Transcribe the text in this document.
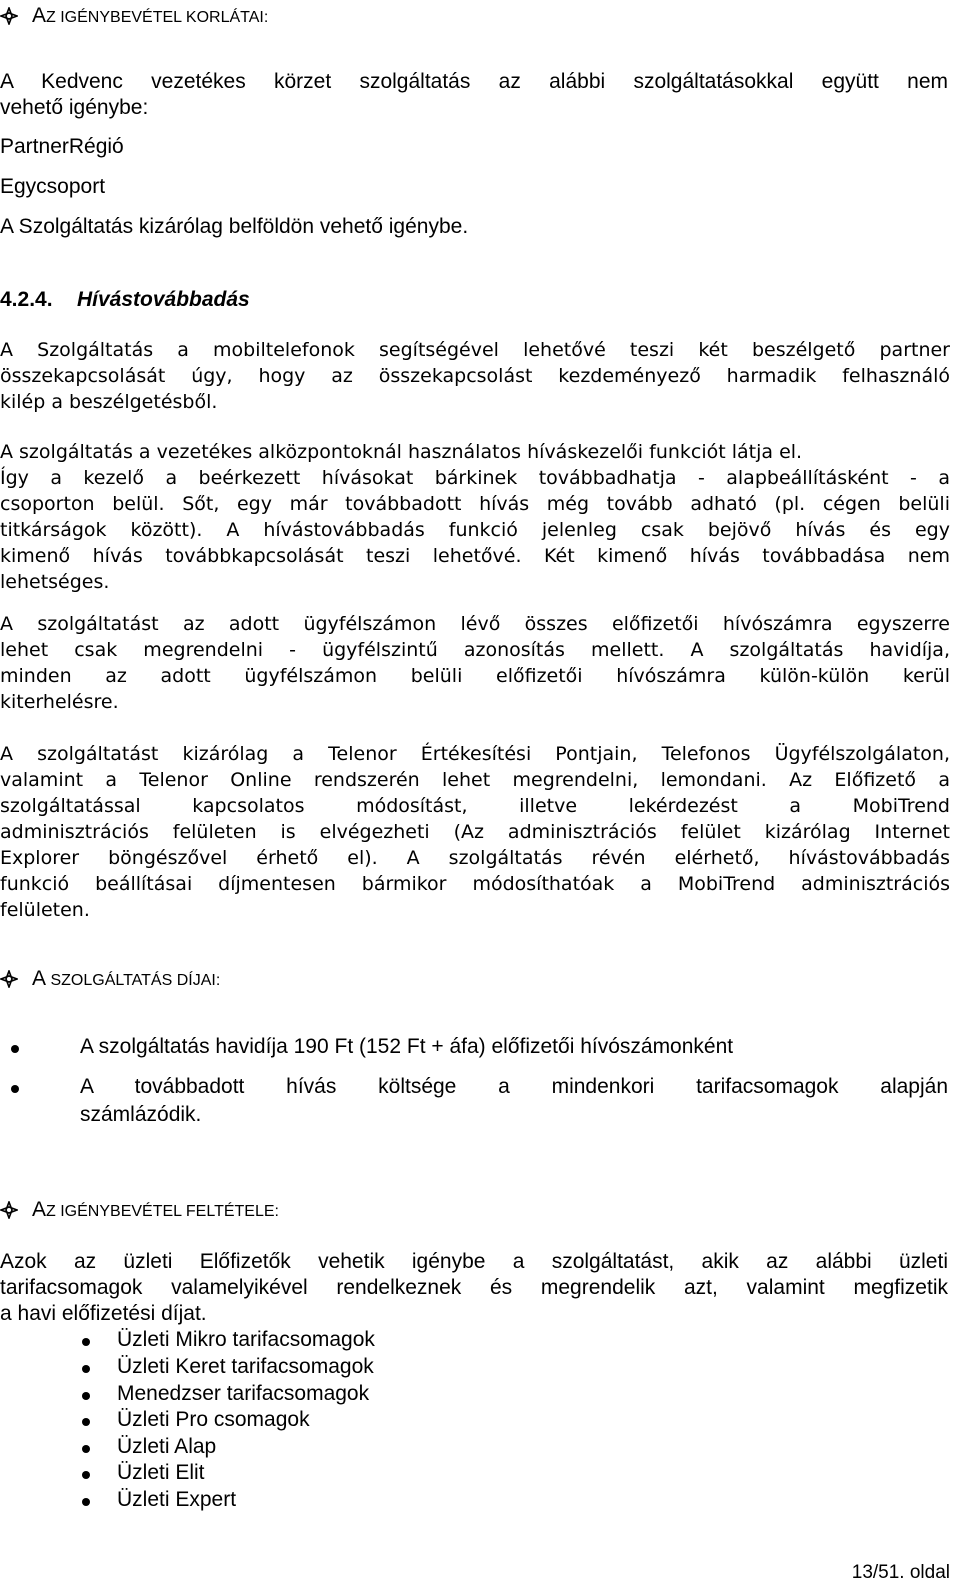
AZ IGÉNYBEVÉTEL KORLÁTAI:
A Kedvenc vezetékes körzet szolgáltatás az alábbi szolgáltatásokkal együtt nem
vehető igénybe:
PartnerRégió
Egycsoport
A Szolgáltatás kizárólag belföldön vehető igénybe.
4.2.4. Hívástovábbadás
A Szolgáltatás a mobiltelefonok segítségével lehetővé teszi két beszélgető partner
összekapcsolását úgy, hogy az összekapcsolást kezdeményező harmadik felhasználó
kilép a beszélgetésből.
A szolgáltatás a vezetékes alközpontoknál használatos híváskezelői funkciót látja el.
Így a kezelő a beérkezett hívásokat bárkinek továbbadhatja - alapbeállításként - a
csoporton belül. Sőt, egy már továbbadott hívás még tovább adható (pl. cégen belüli
titkárságok között). A hívástovábbadás funkció jelenleg csak bejövő hívás és egy
kimenő hívás továbbkapcsolását teszi lehetővé. Két kimenő hívás továbbadása nem
lehetséges.
A szolgáltatást az adott ügyfélszámon lévő összes előfizetői hívószámra egyszerre
lehet csak megrendelni - ügyfélszintű azonosítás mellett. A szolgáltatás havidíja,
minden az adott ügyfélszámon belüli előfizetői hívószámra külön-külön kerül
kiterhelésre.
A szolgáltatást kizárólag a Telenor Értékesítési Pontjain, Telefonos Ügyfélszolgálaton,
valamint a Telenor Online rendszerén lehet megrendelni, lemondani. Az Előfizető a
szolgáltatással kapcsolatos módosítást, illetve lekérdezést a MobiTrend
adminisztrációs felületen is elvégezheti (Az adminisztrációs felület kizárólag Internet
Explorer böngészővel érhető el). A szolgáltatás révén elérhető, hívástovábbadás
funkció beállításai díjmentesen bármikor módosíthatóak a MobiTrend adminisztrációs
felületen.
A SZOLGÁLTATÁS DÍJAI:
A szolgáltatás havidíja 190 Ft (152 Ft + áfa) előfizetői hívószámonként
A továbbadott hívás költsége a mindenkori tarifacsomagok alapján
számlázódik.
AZ IGÉNYBEVÉTEL FELTÉTELE:
Azok az üzleti Előfizetők vehetik igénybe a szolgáltatást, akik az alábbi üzleti
tarifacsomagok valamelyikével rendelkeznek és megrendelik azt, valamint megfizetik
a havi előfizetési díjat.
Üzleti Mikro tarifacsomagok
Üzleti Keret tarifacsomagok
Menedzser tarifacsomagok
Üzleti Pro csomagok
Üzleti Alap
Üzleti Elit
Üzleti Expert
13/51. oldal
